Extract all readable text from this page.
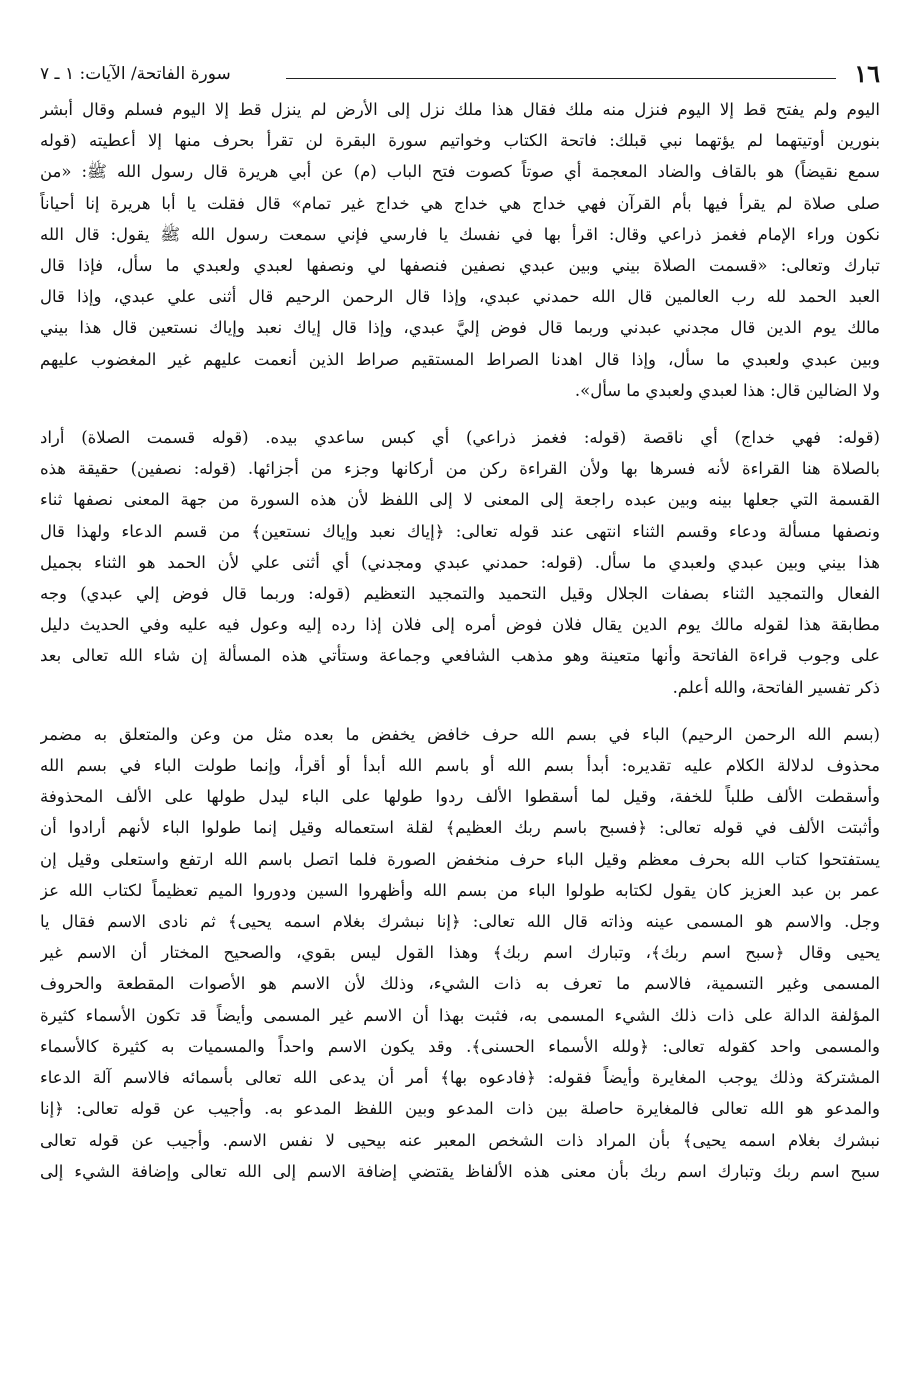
١٦
سورة الفاتحة/ الآيات: ١ ـ ٧
اليوم ولم يفتح قط إلا اليوم فنزل منه ملك فقال هذا ملك نزل إلى الأرض لم ينزل قط إلا اليوم فسلم وقال أبشر
بنورين أوتيتهما لم يؤتهما نبي قبلك: فاتحة الكتاب وخواتيم سورة البقرة لن تقرأ بحرف منها إلا أعطيته (قوله
سمع نقيضاً) هو بالقاف والضاد المعجمة أي صوتاً كصوت فتح الباب (م) عن أبي هريرة قال رسول الله ﷺ: «من
صلى صلاة لم يقرأ فيها بأم القرآن فهي خداج هي خداج هي خداج غير تمام» قال فقلت يا أبا هريرة إنا أحياناً
نكون وراء الإمام فغمز ذراعي وقال: اقرأ بها في نفسك يا فارسي فإني سمعت رسول الله ﷺ يقول: قال الله
تبارك وتعالى: «قسمت الصلاة بيني وبين عبدي نصفين فنصفها لي ونصفها لعبدي ولعبدي ما سأل، فإذا قال
العبد الحمد لله رب العالمين قال الله حمدني عبدي، وإذا قال الرحمن الرحيم قال أثنى علي عبدي، وإذا قال
مالك يوم الدين قال مجدني عبدني وربما قال فوض إليَّ عبدي، وإذا قال إياك نعبد وإياك نستعين قال هذا بيني
وبين عبدي ولعبدي ما سأل، وإذا قال اهدنا الصراط المستقيم صراط الذين أنعمت عليهم غير المغضوب عليهم
ولا الضالين قال: هذا لعبدي ولعبدي ما سأل».
(قوله: فهي خداج) أي ناقصة (قوله: فغمز ذراعي) أي كبس ساعدي بيده. (قوله قسمت الصلاة) أراد
بالصلاة هنا القراءة لأنه فسرها بها ولأن القراءة ركن من أركانها وجزء من أجزائها. (قوله: نصفين) حقيقة هذه
القسمة التي جعلها بينه وبين عبده راجعة إلى المعنى لا إلى اللفظ لأن هذه السورة من جهة المعنى نصفها ثناء
ونصفها مسألة ودعاء وقسم الثناء انتهى عند قوله تعالى: ﴿إياك نعبد وإياك نستعين﴾ من قسم الدعاء ولهذا قال
هذا بيني وبين عبدي ولعبدي ما سأل. (قوله: حمدني عبدي ومجدني) أي أثنى علي لأن الحمد هو الثناء بجميل
الفعال والتمجيد الثناء بصفات الجلال وقيل التحميد والتمجيد التعظيم (قوله: وربما قال فوض إلي عبدي) وجه
مطابقة هذا لقوله مالك يوم الدين يقال فلان فوض أمره إلى فلان إذا رده إليه وعول فيه عليه وفي الحديث دليل
على وجوب قراءة الفاتحة وأنها متعينة وهو مذهب الشافعي وجماعة وستأتي هذه المسألة إن شاء الله تعالى بعد
ذكر تفسير الفاتحة، والله أعلم.
(بسم الله الرحمن الرحيم) الباء في بسم الله حرف خافض يخفض ما بعده مثل من وعن والمتعلق به مضمر
محذوف لدلالة الكلام عليه تقديره: أبدأ بسم الله أو باسم الله أبدأ أو أقرأ، وإنما طولت الباء في بسم الله
وأسقطت الألف طلباً للخفة، وقيل لما أسقطوا الألف ردوا طولها على الباء ليدل طولها على الألف المحذوفة
وأثبتت الألف في قوله تعالى: ﴿فسبح باسم ربك العظيم﴾ لقلة استعماله وقيل إنما طولوا الباء لأنهم أرادوا أن
يستفتحوا كتاب الله بحرف معظم وقيل الباء حرف منخفض الصورة فلما اتصل باسم الله ارتفع واستعلى وقيل إن
عمر بن عبد العزيز كان يقول لكتابه طولوا الباء من بسم الله وأظهروا السين ودوروا الميم تعظيماً لكتاب الله عز
وجل. والاسم هو المسمى عينه وذاته قال الله تعالى: ﴿إنا نبشرك بغلام اسمه يحيى﴾ ثم نادى الاسم فقال يا
يحيى وقال ﴿سبح اسم ربك﴾، وتبارك اسم ربك﴾ وهذا القول ليس بقوي، والصحيح المختار أن الاسم غير
المسمى وغير التسمية، فالاسم ما تعرف به ذات الشيء، وذلك لأن الاسم هو الأصوات المقطعة والحروف
المؤلفة الدالة على ذات ذلك الشيء المسمى به، فثبت بهذا أن الاسم غير المسمى وأيضاً قد تكون الأسماء كثيرة
والمسمى واحد كقوله تعالى: ﴿ولله الأسماء الحسنى﴾. وقد يكون الاسم واحداً والمسميات به كثيرة كالأسماء
المشتركة وذلك يوجب المغايرة وأيضاً فقوله: ﴿فادعوه بها﴾ أمر أن يدعى الله تعالى بأسمائه فالاسم آلة الدعاء
والمدعو هو الله تعالى فالمغايرة حاصلة بين ذات المدعو وبين اللفظ المدعو به. وأجيب عن قوله تعالى: ﴿إنا
نبشرك بغلام اسمه يحيى﴾ بأن المراد ذات الشخص المعبر عنه بيحيى لا نفس الاسم. وأجيب عن قوله تعالى
سبح اسم ربك وتبارك اسم ربك بأن معنى هذه الألفاظ يقتضي إضافة الاسم إلى الله تعالى وإضافة الشيء إلى
